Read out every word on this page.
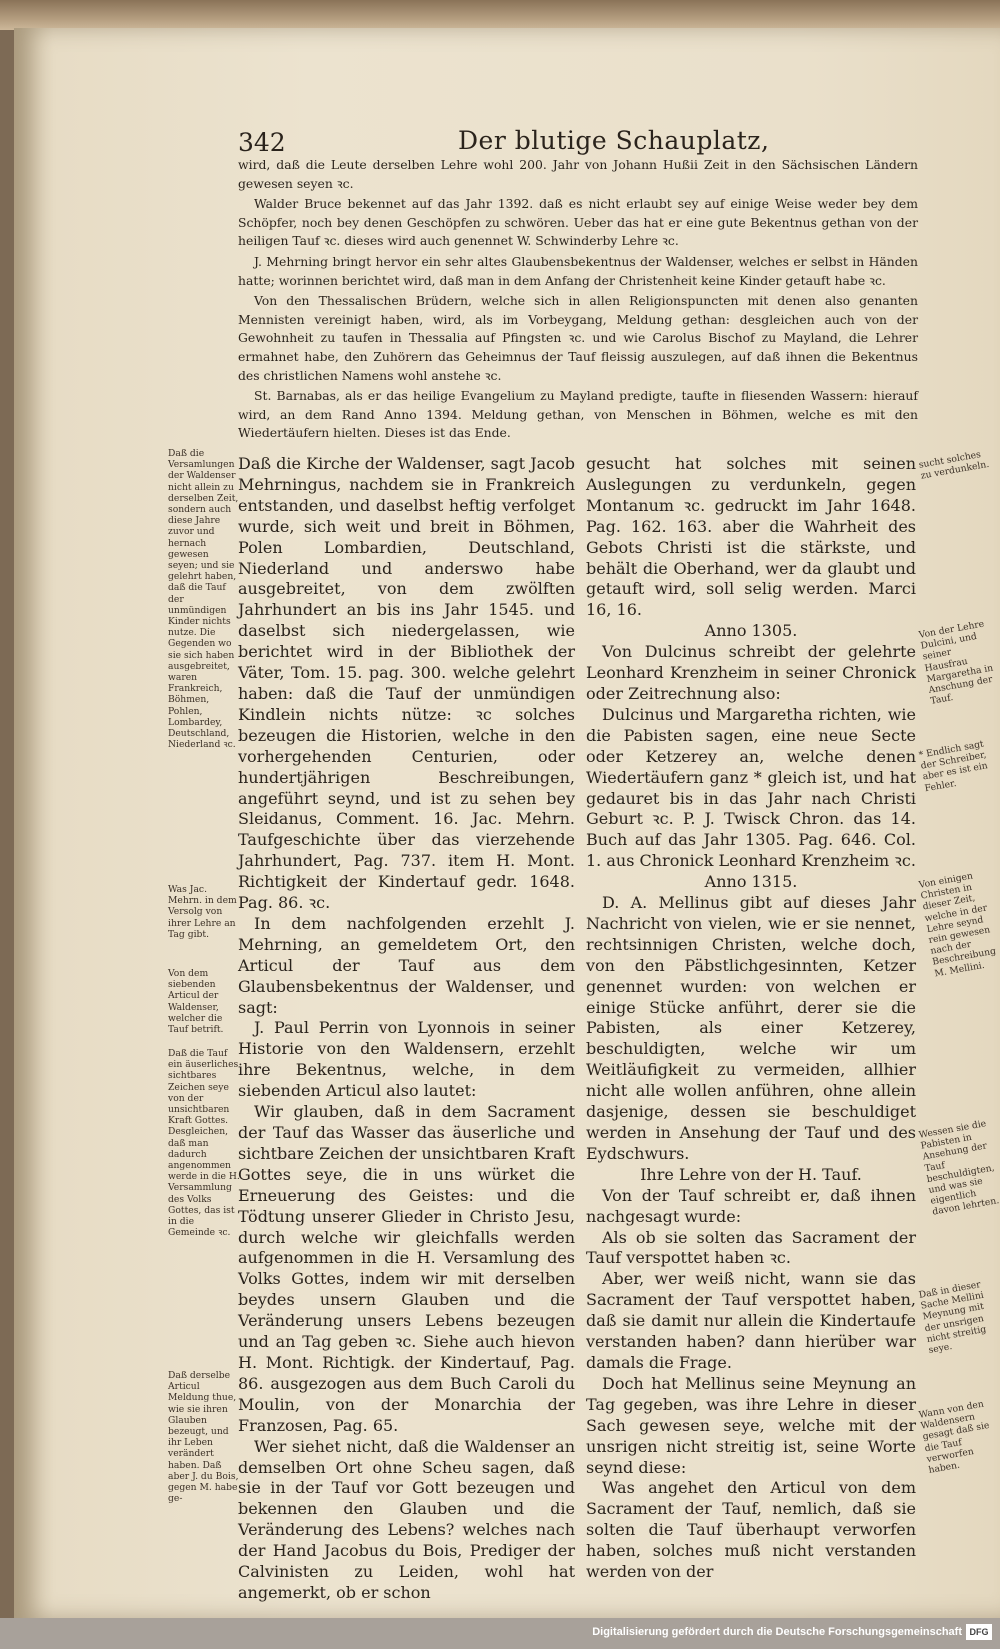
342	Der blutige Schauplatz,

wird, daß die Leute derselben Lehre wohl 200. Jahr von Johann Hußii Zeit in den Sächsischen Ländern gewesen seyen ꝛc.

Walder Bruce bekennet auf das Jahr 1392. daß es nicht erlaubt sey auf einige Weise weder bey dem Schöpfer, noch bey denen Geschöpfen zu schwören. Ueber das hat er eine gute Bekentnus gethan von der heiligen Tauf ꝛc. dieses wird auch genennet W. Schwinderby Lehre ꝛc.

J. Mehrning bringt hervor ein sehr altes Glaubensbekentnus der Waldenser, welches er selbst in Händen hatte; worinnen berichtet wird, daß man in dem Anfang der Christenheit keine Kinder getauft habe ꝛc.

Von den Thessalischen Brüdern, welche sich in allen Religionspuncten mit denen also genanten Mennisten vereinigt haben, wird, als im Vorbeygang, Meldung gethan: desgleichen auch von der Gewohnheit zu taufen in Thessalia auf Pfingsten ꝛc. und wie Carolus Bischof zu Mayland, die Lehrer ermahnet habe, den Zuhörern das Geheimnus der Tauf fleissig auszulegen, auf daß ihnen die Bekentnus des christlichen Namens wohl anstehe ꝛc.

St. Barnabas, als er das heilige Evangelium zu Mayland predigte, taufte in fliesenden Wassern: hierauf wird, an dem Rand Anno 1394. Meldung gethan, von Menschen in Böhmen, welche es mit den Wiedertäufern hielten. Dieses ist das Ende.

Daß die Kirche der Waldenser, sagt Jacob Mehrningus, nachdem sie in Frankreich entstanden, und daselbst heftig verfolget wurde, sich weit und breit in Böhmen, Polen Lombardien, Deutschland, Niederland und anderswo habe ausgebreitet, von dem zwölften Jahrhundert an bis ins Jahr 1545. und daselbst sich niedergelassen, wie berichtet wird in der Bibliothek der Väter, Tom. 15. pag. 300. welche gelehrt haben: daß die Tauf der unmündigen Kindlein nichts nütze: ꝛc solches bezeugen die Historien, welche in den vorhergehenden Centurien, oder hundertjährigen Beschreibungen, angeführt seynd, und ist zu sehen bey Sleidanus, Comment. 16. Jac. Mehrn. Taufgeschichte über das vierzehende Jahrhundert, Pag. 737. item H. Mont. Richtigkeit der Kindertauf gedr. 1648. Pag. 86. ꝛc.

In dem nachfolgenden erzehlt J. Mehrning, an gemeldetem Ort, den Articul der Tauf aus dem Glaubensbekentnus der Waldenser, und sagt:

J. Paul Perrin von Lyonnois in seiner Historie von den Waldensern, erzehlt ihre Bekentnus, welche, in dem siebenden Articul also lautet:

Wir glauben, daß in dem Sacrament der Tauf das Wasser das äuserliche und sichtbare Zeichen der unsichtbaren Kraft Gottes seye, die in uns würket die Erneuerung des Geistes: und die Tödtung unserer Glieder in Christo Jesu, durch welche wir gleichfalls werden aufgenommen in die H. Versamlung des Volks Gottes, indem wir mit derselben beydes unsern Glauben und die Veränderung unsers Lebens bezeugen und an Tag geben ꝛc. Siehe auch hievon H. Mont. Richtigk. der Kindertauf, Pag. 86. ausgezogen aus dem Buch Caroli du Moulin, von der Monarchia der Franzosen, Pag. 65.

Wer siehet nicht, daß die Waldenser an demselben Ort ohne Scheu sagen, daß sie in der Tauf vor Gott bezeugen und bekennen den Glauben und die Veränderung des Lebens? welches nach der Hand Jacobus du Bois, Prediger der Calvinisten zu Leiden, wohl hat angemerkt, ob er schon

gesucht hat solches mit seinen Auslegungen zu verdunkeln, gegen Montanum ꝛc. gedruckt im Jahr 1648. Pag. 162. 163. aber die Wahrheit des Gebots Christi ist die stärkste, und behält die Oberhand, wer da glaubt und getauft wird, soll selig werden. Marci 16, 16.

Anno 1305.

Von Dulcinus schreibt der gelehrte Leonhard Krenzheim in seiner Chronick oder Zeitrechnung also:

Dulcinus und Margaretha richten, wie die Pabisten sagen, eine neue Secte oder Ketzerey an, welche denen Wiedertäufern ganz * gleich ist, und hat gedauret bis in das Jahr nach Christi Geburt ꝛc. P. J. Twisck Chron. das 14. Buch auf das Jahr 1305. Pag. 646. Col. 1. aus Chronick Leonhard Krenzheim ꝛc.

Anno 1315.

D. A. Mellinus gibt auf dieses Jahr Nachricht von vielen, wie er sie nennet, rechtsinnigen Christen, welche doch, von den Päbstlichgesinnten, Ketzer genennet wurden: von welchen er einige Stücke anführt, derer sie die Pabisten, als einer Ketzerey, beschuldigten, welche wir um Weitläufigkeit zu vermeiden, allhier nicht alle wollen anführen, ohne allein dasjenige, dessen sie beschuldiget werden in Ansehung der Tauf und des Eydschwurs.

Ihre Lehre von der H. Tauf.

Von der Tauf schreibt er, daß ihnen nachgesagt wurde:

Als ob sie solten das Sacrament der Tauf verspottet haben ꝛc.

Aber, wer weiß nicht, wann sie das Sacrament der Tauf verspottet haben, daß sie damit nur allein die Kindertaufe verstanden haben? dann hierüber war damals die Frage.

Doch hat Mellinus seine Meynung an Tag gegeben, was ihre Lehre in dieser Sach gewesen seye, welche mit der unsrigen nicht streitig ist, seine Worte seynd diese:

Was angehet den Articul von dem Sacrament der Tauf, nemlich, daß sie solten die Tauf überhaupt verworfen haben, solches muß nicht verstanden werden von der

Daß die Versamlungen der Waldenser nicht allein zu derselben Zeit, sondern auch diese Jahre zuvor und hernach gewesen seyen; und sie gelehrt haben, daß die Tauf der unmündigen Kinder nichts nutze. Die Gegenden wo sie sich haben ausgebreitet, waren Frankreich, Böhmen, Pohlen, Lombardey, Deutschland, Niederland ꝛc.
Was Jac. Mehrn. in dem Versolg von ihrer Lehre an Tag gibt.
Von dem siebenden Articul der Waldenser, welcher die Tauf betrift.
Daß die Tauf ein äuserliches sichtbares Zeichen seye von der unsichtbaren Kraft Gottes. Desgleichen, daß man dadurch angenommen werde in die H. Versammlung des Volks Gottes, das ist in die Gemeinde ꝛc.
Daß derselbe Articul Meldung thue, wie sie ihren Glauben bezeugt, und ihr Leben verändert haben. Daß aber J. du Bois, gegen M. habe ge-
sucht solches zu verdunkeln.
Von der Lehre Dulcini, und seiner Hausfrau Margaretha in Anschung der Tauf.
* Endlich sagt der Schreiber, aber es ist ein Fehler.
Von einigen Christen in dieser Zeit, welche in der Lehre seynd rein gewesen nach der Beschreibung M. Mellini.
Wessen sie die Pabisten in Ansehung der Tauf beschuldigten, und was sie eigentlich davon lehrten.
Daß in dieser Sache Mellini Meynung mit der unsrigen nicht streitig seye.
Wann von den Waldensern gesagt daß sie die Tauf verworfen haben.
Digitalisierung gefördert durch die Deutsche Forschungsgemeinschaft DFG
